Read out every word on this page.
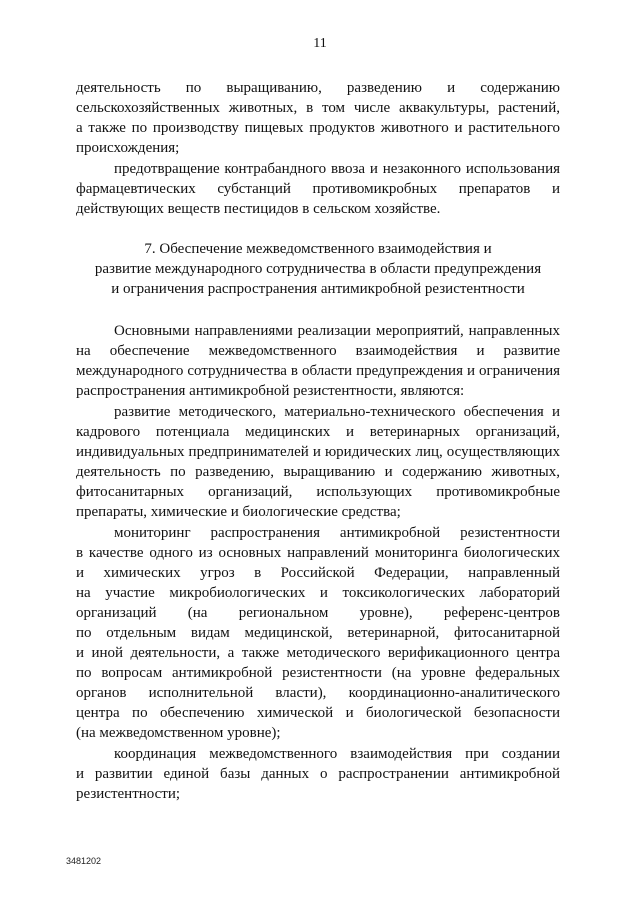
11
деятельность по выращиванию, разведению и содержанию
сельскохозяйственных животных, в том числе аквакультуры, растений,
а также по производству пищевых продуктов животного и растительного
происхождения;
предотвращение контрабандного ввоза и незаконного использования
фармацевтических субстанций противомикробных препаратов и
действующих веществ пестицидов в сельском хозяйстве.
7. Обеспечение межведомственного взаимодействия и
развитие международного сотрудничества в области предупреждения
и ограничения распространения антимикробной резистентности
Основными направлениями реализации мероприятий, направленных
на обеспечение межведомственного взаимодействия и развитие
международного сотрудничества в области предупреждения и ограничения
распространения антимикробной резистентности, являются:
развитие методического, материально-технического обеспечения и
кадрового потенциала медицинских и ветеринарных организаций,
индивидуальных предпринимателей и юридических лиц, осуществляющих
деятельность по разведению, выращиванию и содержанию животных,
фитосанитарных организаций, использующих противомикробные
препараты, химические и биологические средства;
мониторинг распространения антимикробной резистентности
в качестве одного из основных направлений мониторинга биологических
и химических угроз в Российской Федерации, направленный
на участие микробиологических и токсикологических лабораторий
организаций (на региональном уровне), референс-центров
по отдельным видам медицинской, ветеринарной, фитосанитарной
и иной деятельности, а также методического верификационного центра
по вопросам антимикробной резистентности (на уровне федеральных
органов исполнительной власти), координационно-аналитического
центра по обеспечению химической и биологической безопасности
(на межведомственном уровне);
координация межведомственного взаимодействия при создании
и развитии единой базы данных о распространении антимикробной
резистентности;
3481202
